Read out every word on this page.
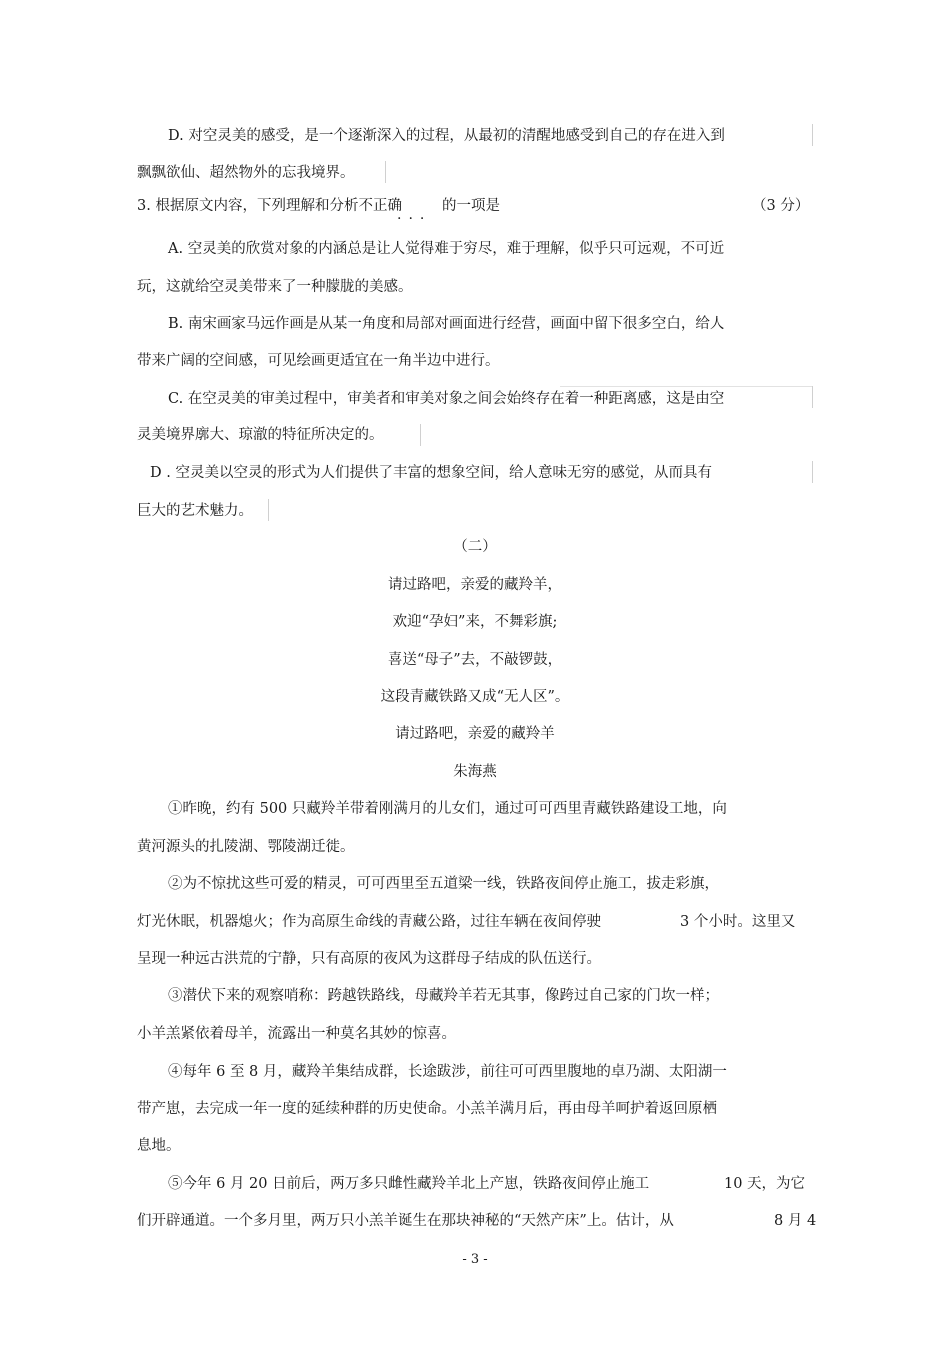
D. 对空灵美的感受，是一个逐渐深入的过程，从最初的清醒地感受到自己的存在进入到
飘飘欲仙、超然物外的忘我境界。
3. 根据原文内容，下列理解和分析不正确
...
的一项是	（3 分）
A. 空灵美的欣赏对象的内涵总是让人觉得难于穷尽，难于理解，似乎只可远观，不可近
玩，这就给空灵美带来了一种朦胧的美感。
B. 南宋画家马远作画是从某一角度和局部对画面进行经营，画面中留下很多空白，给人
带来广阔的空间感，可见绘画更适宜在一角半边中进行。
C. 在空灵美的审美过程中，审美者和审美对象之间会始终存在着一种距离感，这是由空
灵美境界廓大、琼澈的特征所决定的。
D . 空灵美以空灵的形式为人们提供了丰富的想象空间，给人意味无穷的感觉，从而具有
巨大的艺术魅力。
（二）
请过路吧，亲爱的藏羚羊，
欢迎“孕妇”来，不舞彩旗;
喜送“母子”去，不敲锣鼓，
这段青藏铁路又成“无人区”。
请过路吧，亲爱的藏羚羊
朱海燕
①昨晚，约有 500 只藏羚羊带着刚满月的儿女们，通过可可西里青藏铁路建设工地，向
黄河源头的扎陵湖、鄂陵湖迁徙。
②为不惊扰这些可爱的精灵，可可西里至五道梁一线，铁路夜间停止施工，拔走彩旗，
灯光休眠，机器熄火；作为高原生命线的青藏公路，过往车辆在夜间停驶	3 个小时。这里又
呈现一种远古洪荒的宁静，只有高原的夜风为这群母子结成的队伍送行。
③潜伏下来的观察哨称：跨越铁路线，母藏羚羊若无其事，像跨过自己家的门坎一样；
小羊羔紧依着母羊，流露出一种莫名其妙的惊喜。
④每年 6 至 8 月，藏羚羊集结成群，长途跋涉，前往可可西里腹地的卓乃湖、太阳湖一
带产崽，去完成一年一度的延续种群的历史使命。小羔羊满月后，再由母羊呵护着返回原栖
息地。
⑤今年 6 月 20 日前后，两万多只雌性藏羚羊北上产崽，铁路夜间停止施工	10 天，为它
们开辟通道。一个多月里，两万只小羔羊诞生在那块神秘的“天然产床”上。估计，从	8 月 4
- 3 -
